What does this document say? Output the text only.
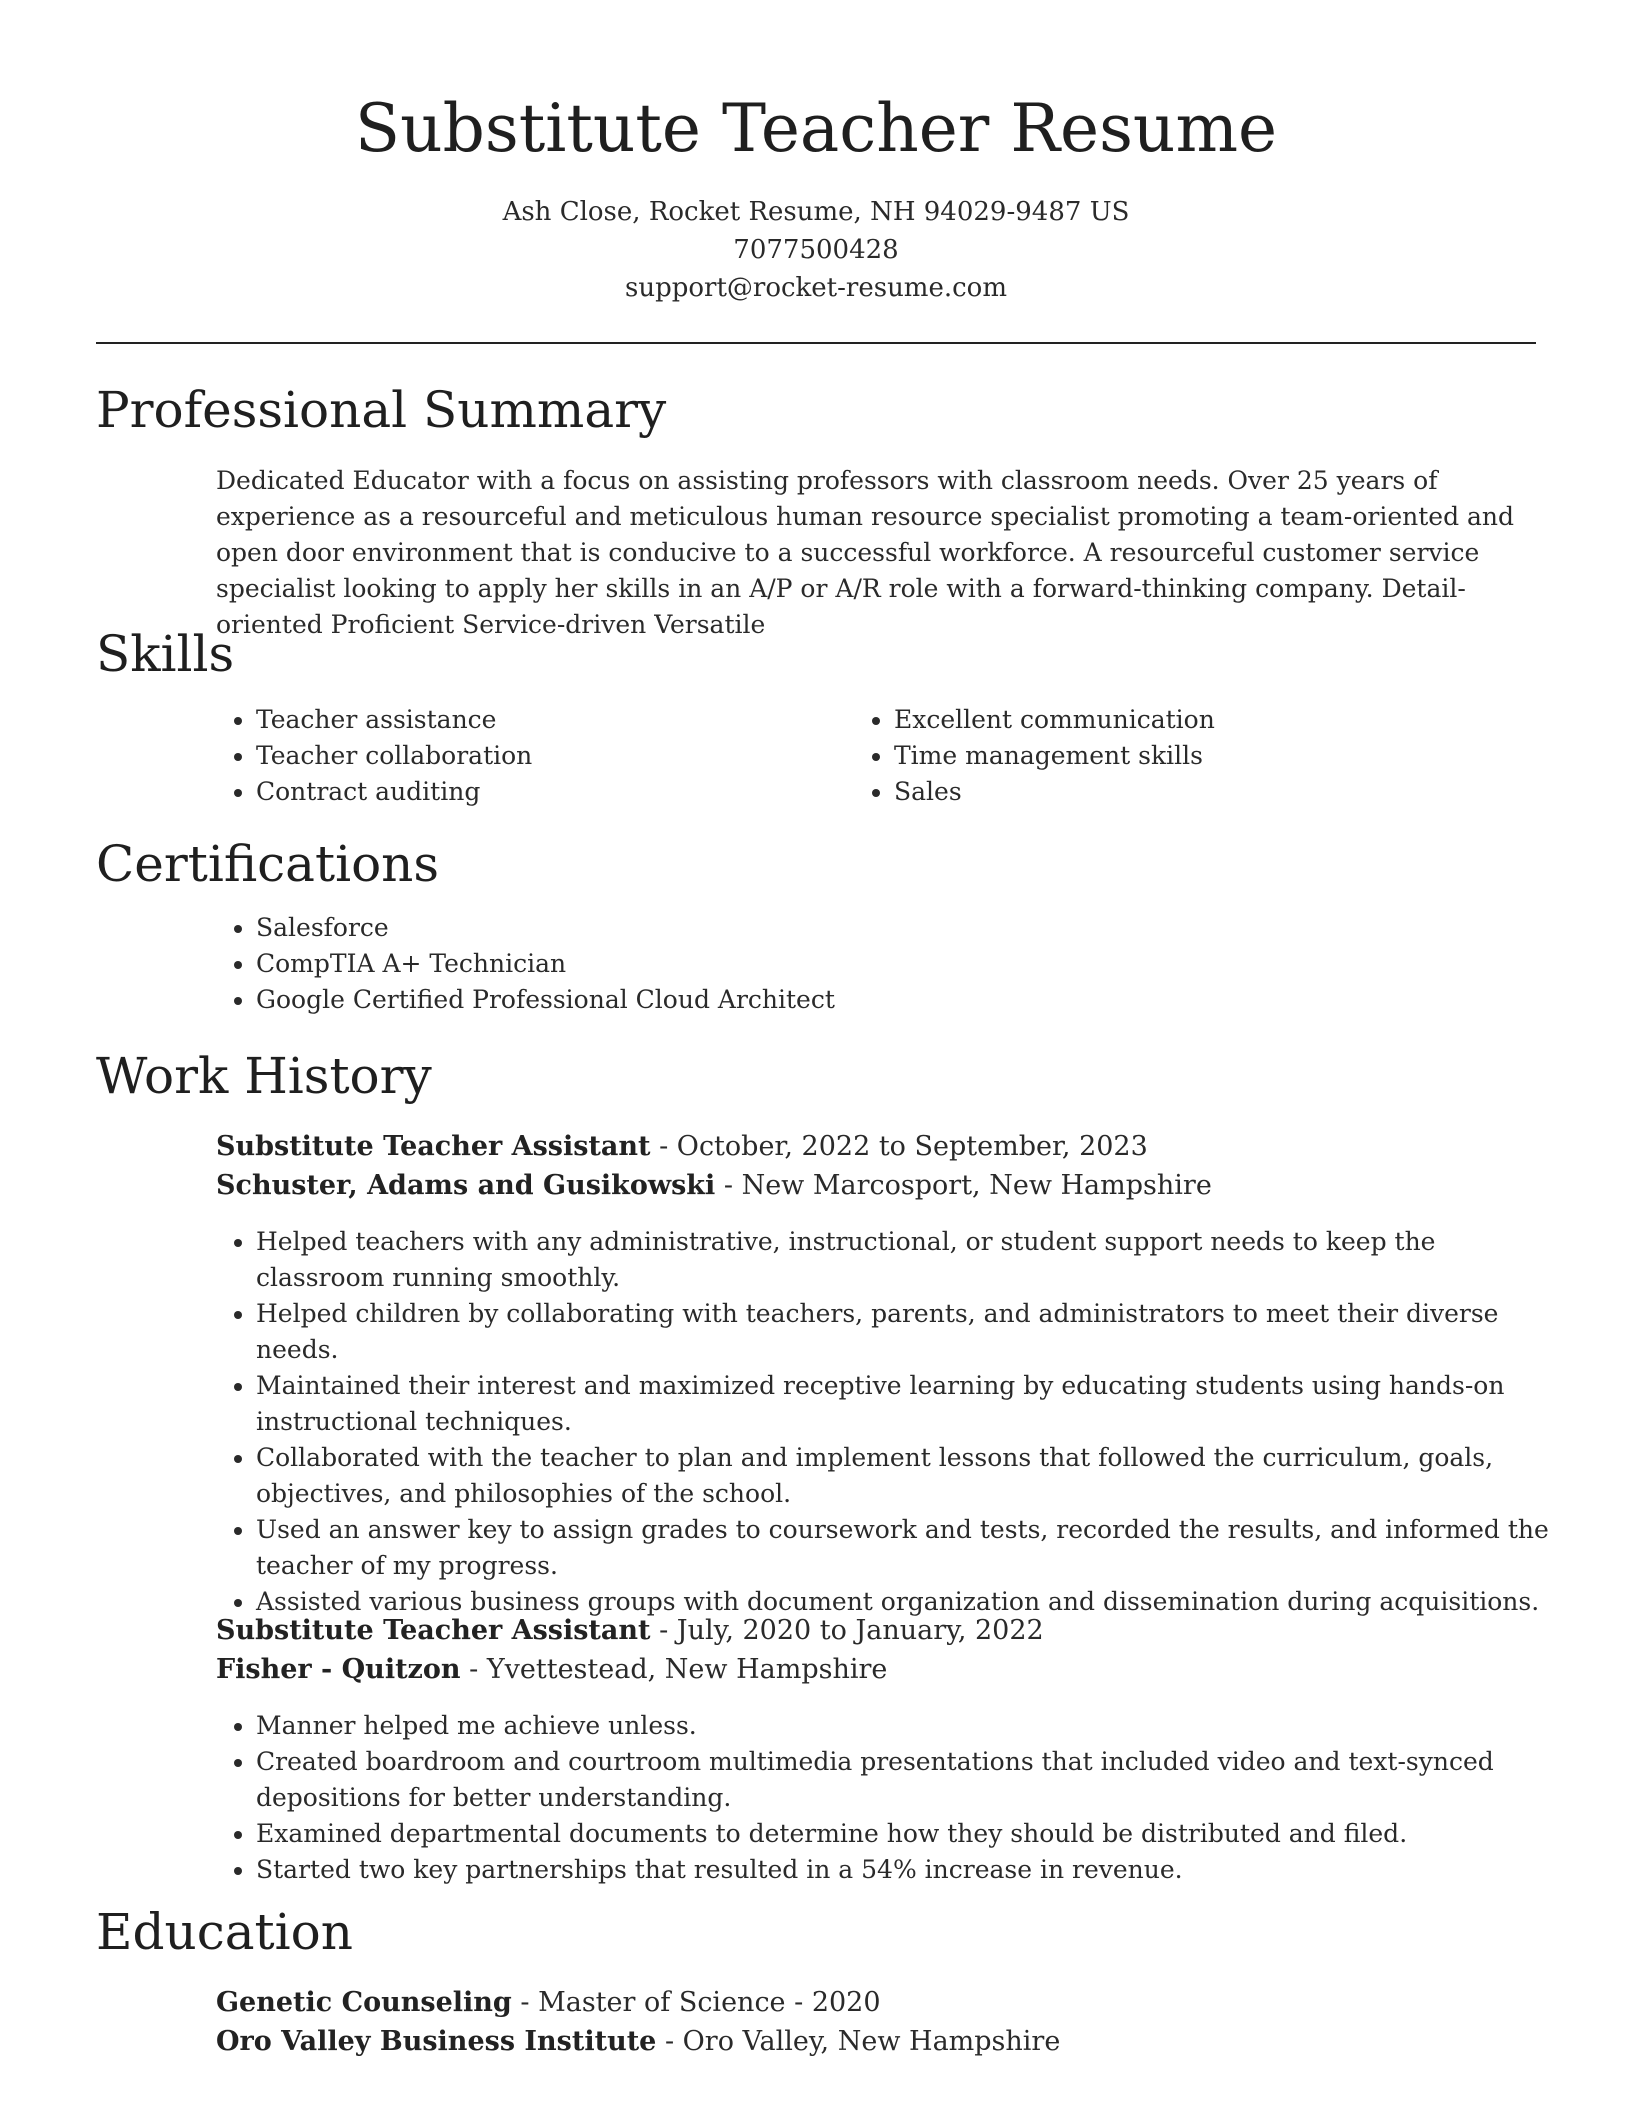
Substitute Teacher Resume
Ash Close, Rocket Resume, NH 94029-9487 US
7077500428
support@rocket-resume.com
Professional Summary
Dedicated Educator with a focus on assisting professors with classroom needs. Over 25 years of experience as a resourceful and meticulous human resource specialist promoting a team-oriented and open door environment that is conducive to a successful workforce. A resourceful customer service specialist looking to apply her skills in an A/P or A/R role with a forward-thinking company. Detail-oriented Proficient Service-driven Versatile
Skills
• Teacher assistance
• Teacher collaboration
• Contract auditing
• Excellent communication
• Time management skills
• Sales
Certifications
• Salesforce
• CompTIA A+ Technician
• Google Certified Professional Cloud Architect
Work History
Substitute Teacher Assistant - October, 2022 to September, 2023
Schuster, Adams and Gusikowski - New Marcosport, New Hampshire
• Helped teachers with any administrative, instructional, or student support needs to keep the classroom running smoothly.
• Helped children by collaborating with teachers, parents, and administrators to meet their diverse needs.
• Maintained their interest and maximized receptive learning by educating students using hands-on instructional techniques.
• Collaborated with the teacher to plan and implement lessons that followed the curriculum, goals, objectives, and philosophies of the school.
• Used an answer key to assign grades to coursework and tests, recorded the results, and informed the teacher of my progress.
• Assisted various business groups with document organization and dissemination during acquisitions.
Substitute Teacher Assistant - July, 2020 to January, 2022
Fisher - Quitzon - Yvettestead, New Hampshire
• Manner helped me achieve unless.
• Created boardroom and courtroom multimedia presentations that included video and text-synced depositions for better understanding.
• Examined departmental documents to determine how they should be distributed and filed.
• Started two key partnerships that resulted in a 54% increase in revenue.
Education
Genetic Counseling - Master of Science - 2020
Oro Valley Business Institute - Oro Valley, New Hampshire
